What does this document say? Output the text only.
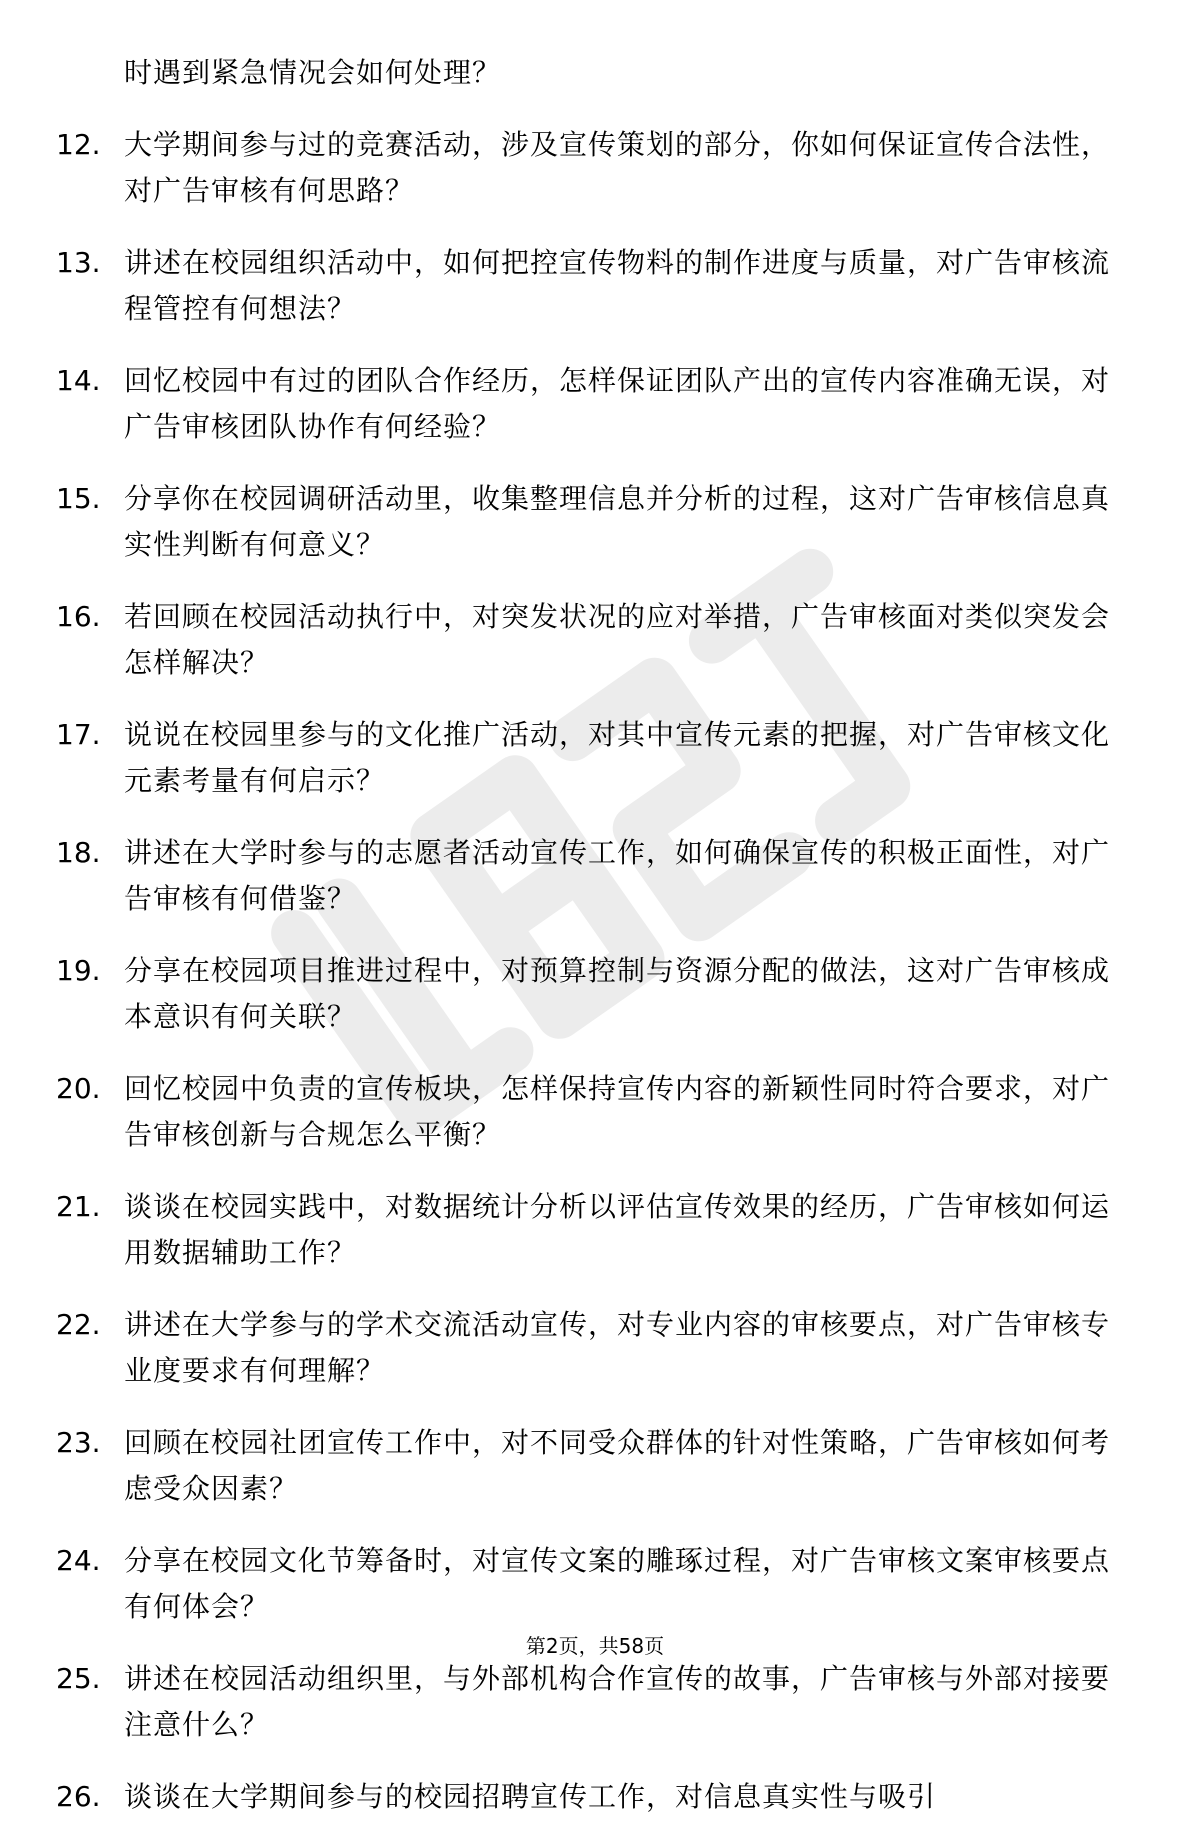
时遇到紧急情况会如何处理？
12. 大学期间参与过的竞赛活动，涉及宣传策划的部分，你如何保证宣传合法性，对广告审核有何思路？
13. 讲述在校园组织活动中，如何把控宣传物料的制作进度与质量，对广告审核流程管控有何想法？
14. 回忆校园中有过的团队合作经历，怎样保证团队产出的宣传内容准确无误，对广告审核团队协作有何经验？
15. 分享你在校园调研活动里，收集整理信息并分析的过程，这对广告审核信息真实性判断有何意义？
16. 若回顾在校园活动执行中，对突发状况的应对举措，广告审核面对类似突发会怎样解决？
17. 说说在校园里参与的文化推广活动，对其中宣传元素的把握，对广告审核文化元素考量有何启示？
18. 讲述在大学时参与的志愿者活动宣传工作，如何确保宣传的积极正面性，对广告审核有何借鉴？
19. 分享在校园项目推进过程中，对预算控制与资源分配的做法，这对广告审核成本意识有何关联？
20. 回忆校园中负责的宣传板块，怎样保持宣传内容的新颖性同时符合要求，对广告审核创新与合规怎么平衡？
21. 谈谈在校园实践中，对数据统计分析以评估宣传效果的经历，广告审核如何运用数据辅助工作？
22. 讲述在大学参与的学术交流活动宣传，对专业内容的审核要点，对广告审核专业度要求有何理解？
23. 回顾在校园社团宣传工作中，对不同受众群体的针对性策略，广告审核如何考虑受众因素？
24. 分享在校园文化节筹备时，对宣传文案的雕琢过程，对广告审核文案审核要点有何体会？
25. 讲述在校园活动组织里，与外部机构合作宣传的故事，广告审核与外部对接要注意什么？
26. 谈谈在大学期间参与的校园招聘宣传工作，对信息真实性与吸引
第2页，共58页
